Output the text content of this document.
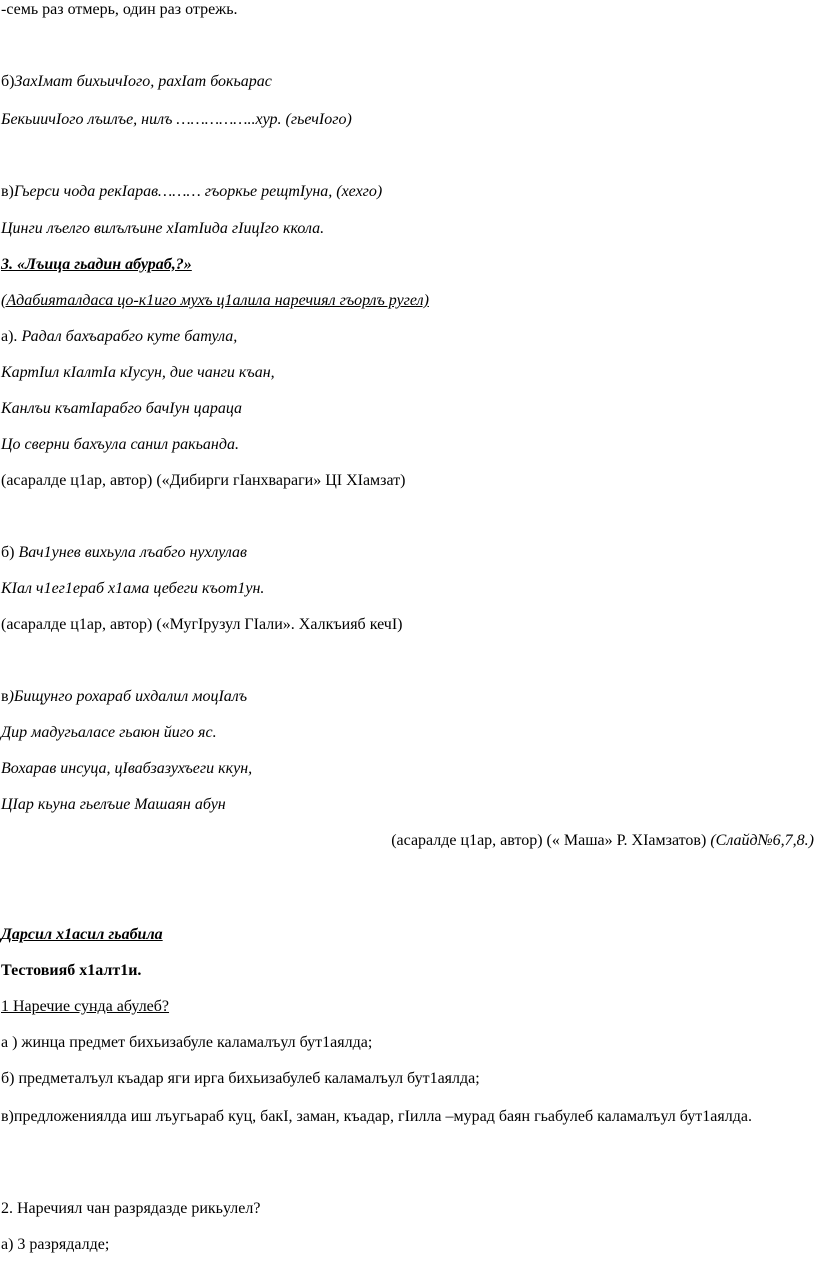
-семь раз отмерь, один раз отрежь.
б)ЗахIмат бихьичIого, рахIат бокьарас
БекьиичIого лъилъе, нилъ ……………..хур. (гьечIого)
в)Гьерси чода рекIарав……… гъоркье рещтIуна, (хехго)
Цинги лъелго вилълъине хIатIида гIицIго ккола.
3. «Лъица гьадин абураб,?»
(Адабияталдаса цо-к1иго мухъ ц1алила наречиял гъорлъ ругел)
а). Радал бахъарабго куте батула,
КартIил кIалтIа кIусун, дие чанги къан,
Канлъи къатIарабго бачIун цараца
Цо сверни бахъула санил ракьанда.
(асаралде ц1ар, автор) («Дибирги гIанхвараги» ЦI ХIамзат)
б) Вач1унев вихьула лъабго нухлулав
КIал ч1ег1ераб х1ама цебеги къот1ун.
(асаралде ц1ар, автор) («МугIрузул ГIали». Халкъияб кечI)
в)Бищунго рохараб ихдалил моцIалъ
Дир мадугьаласе гьаюн йиго яс.
Вохарав инсуца, цIвабзазухъеги ккун,
ЦIар кьуна гьелъие Машаян абун
(асаралде ц1ар, автор) (« Маша» Р. ХIамзатов) (Слайд№6,7,8.)
Дарсил х1асил гьабила
Тестовияб х1алт1и.
1 Наречие сунда абулеб?
а ) жинца предмет бихьизабуле каламалъул бут1аялда;
б) предметалъул къадар яги ирга бихьизабулеб каламалъул бут1аялда;
в)предложениялда иш лъугьараб куц, бакI, заман, къадар, гIилла –мурад баян гьабулеб каламалъул бут1аялда.
2. Наречиял чан разрядазде рикьулел?
а) 3 разрядалде;
